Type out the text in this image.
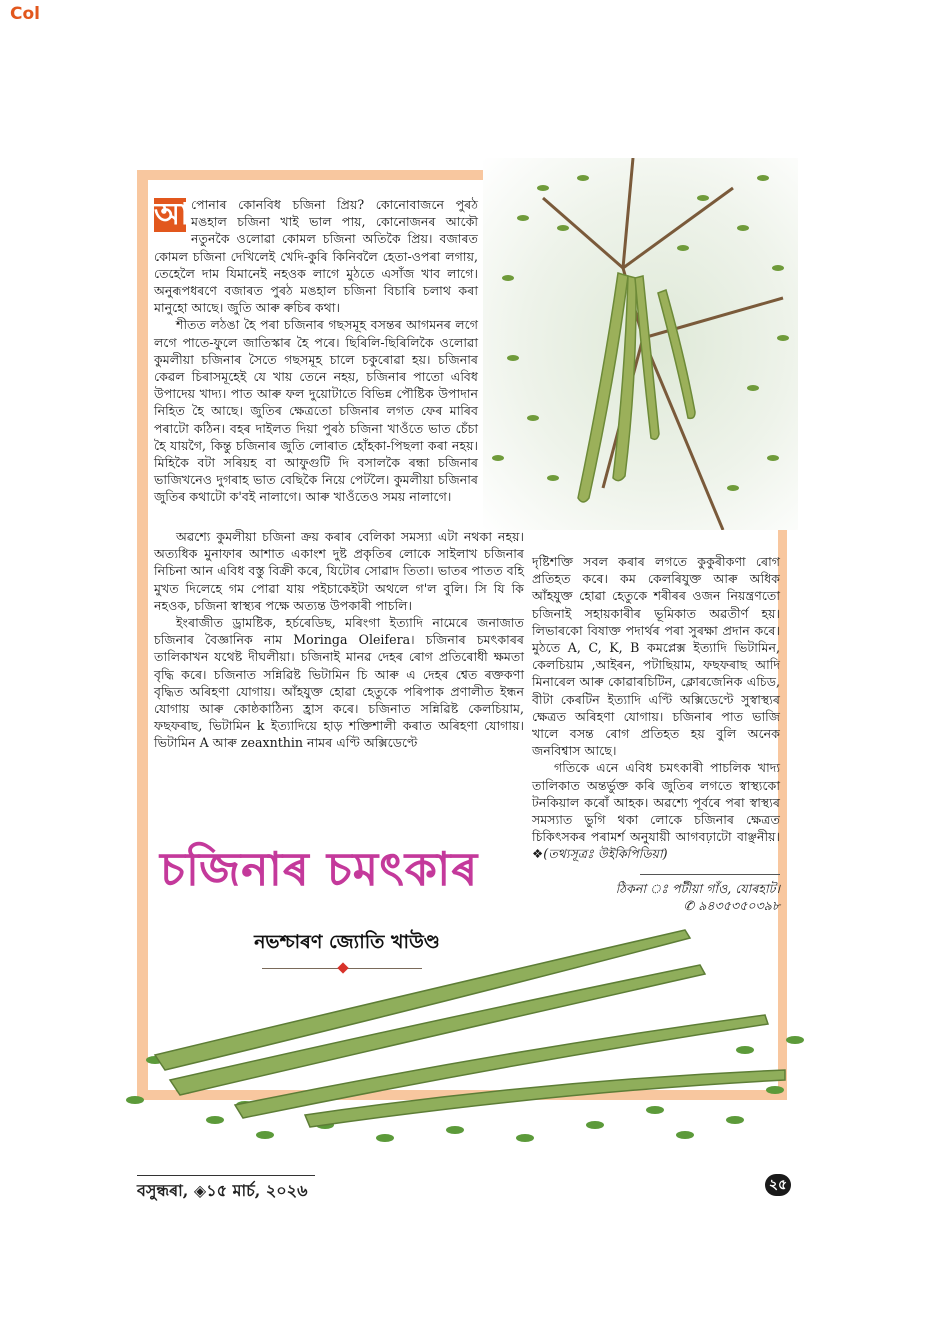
Col

আ পোনাৰ কোনবিধ চজিনা প্ৰিয়? কোনোবাজনে পুৰঠ মঙহাল চজিনা খাই ভাল পায়, কোনোজনৰ আকৌ নতুনকৈ ওলোৱা কোমল চজিনা অতিকৈ প্ৰিয়। বজাৰত কোমল চজিনা দেখিলেই খেদি-কুৰি কিনিবলৈ হেতা-ওপৰা লগায়, তেহেলৈ দাম যিমানেই নহওক লাগে মুঠতে এসাঁজ খাব লাগে। অনুৰূপধৰণে বজাৰত পুৰঠ মঙহাল চজিনা বিচাৰি চলাথ কৰা মানুহো আছে। জুতি আৰু ৰুচিৰ কথা।

শীতত লঠঙা হৈ পৰা চজিনাৰ গছসমূহ বসন্তৰ আগমনৰ লগে লগে পাতে-ফুলে জাতিস্কাৰ হৈ পৰে। ছিৰিলি-ছিৰিলিকৈ ওলোৱা কুমলীয়া চজিনাৰ সৈতে গছসমূহ চালে চকুৰোৱা হয়। চজিনাৰ কেৱল চিৰাসমূহেই যে খায় তেনে নহয়, চজিনাৰ পাতো এবিধ উপাদেয় খাদ্য। পাত আৰু ফল দুয়োটাতে বিভিন্ন পৌষ্টিক উপাদান নিহিত হৈ আছে। জুতিৰ ক্ষেত্ৰতো চজিনাৰ লগত ফেৰ মাৰিব পৰাটো কঠিন। বহৰ দাইলত দিয়া পুৰঠ চজিনা খাওঁতে ভাত চেঁচা হৈ যায়গৈ, কিন্তু চজিনাৰ জুতি লোৰাত হোঁহকা-পিছলা কৰা নহয়। মিহিকৈ বটা সৰিয়হ বা আফুগুটি দি বসালকৈ ৰন্ধা চজিনাৰ ভাজিখনেও দুগৰাহ ভাত বেছিকৈ নিয়ে পেটলৈ। কুমলীয়া চজিনাৰ জুতিৰ কথাটো ক'বই নালাগে। আৰু খাওঁতেও সময় নালাগে।

অৱশ্যে কুমলীয়া চজিনা ক্ৰয় কৰাৰ বেলিকা সমস্যা এটা নথকা নহয়। অত্যধিক মুনাফাৰ আশাত একাংশ দুষ্ট প্ৰকৃতিৰ লোকে সাইলাখ চজিনাৰ নিচিনা আন এবিধ বস্তু বিক্ৰী কৰে, যিটোৰ সোৱাদ তিতা। ভাতৰ পাতত বহি মুখত দিলেহে গম পোৱা যায় পইচাকেইটা অথলে গ'ল বুলি। সি যি কি নহওক, চজিনা স্বাস্থ্যৰ পক্ষে অত্যন্ত উপকাৰী পাচলি।

ইংৰাজীত ড্ৰামষ্টিক, হৰ্চৰেডিছ, মৰিংগা ইত্যাদি নামেৰে জনাজাত চজিনাৰ বৈজ্ঞানিক নাম Moringa Oleifera। চজিনাৰ চমৎকাৰৰ তালিকাখন যথেষ্ট দীঘলীয়া। চজিনাই মানৱ দেহৰ ৰোগ প্ৰতিৰোধী ক্ষমতা বৃদ্ধি কৰে। চজিনাত সন্নিৱিষ্ট ভিটামিন চি আৰু এ দেহৰ শ্বেত ৰক্তকণা বৃদ্ধিত অৰিহণা যোগায়। আঁহযুক্ত হোৱা হেতুকে পৰিপাক প্ৰণালীত ইন্ধন যোগায় আৰু কোষ্ঠকাঠিন্য হ্ৰাস কৰে। চজিনাত সন্নিৱিষ্ট কেলচিয়াম, ফছফৰাছ, ভিটামিন k ইত্যাদিয়ে হাড় শক্তিশালী কৰাত অৰিহণা যোগায়। ভিটামিন A আৰু zeaxnthin নামৰ এণ্টি অক্সিডেণ্টে

দৃষ্টিশক্তি সবল কৰাৰ লগতে কুকুৰীকণা ৰোগ প্ৰতিহত কৰে। কম কেলৰিযুক্ত আৰু অধিক আঁহযুক্ত হোৱা হেতুকে শৰীৰৰ ওজন নিয়ন্ত্ৰণতো চজিনাই সহায়কাৰীৰ ভূমিকাত অৱতীৰ্ণ হয়। লিভাৰকো বিষাক্ত পদাৰ্থৰ পৰা সুৰক্ষা প্ৰদান কৰে। মুঠতে A, C, K, B কমপ্লেক্স ইত্যাদি ভিটামিন, কেলচিয়াম ,আইৰন, পটাছিয়াম, ফছফৰাছ আদি মিনাৰেল আৰু কোৱাৰচিটিন, ক্লোৰজেনিক এচিড, বীটা কেৰটিন ইত্যাদি এণ্টি অক্সিডেণ্টে সুস্বাস্থ্যৰ ক্ষেত্ৰত অৰিহণা যোগায়। চজিনাৰ পাত ভাজি খালে বসন্ত ৰোগ প্ৰতিহত হয় বুলি অনেক জনবিশ্বাস আছে।

গতিকে এনে এবিধ চমৎকাৰী পাচলিক খাদ্য তালিকাত অন্তৰ্ভুক্ত কৰি জুতিৰ লগতে স্বাস্থ্যকো টনকিয়াল কৰোঁ আহক। অৱশ্যে পূৰ্বৰে পৰা স্বাস্থ্যৰ সমস্যাত ভুগি থকা লোকে চজিনাৰ ক্ষেত্ৰত চিকিৎসকৰ পৰামৰ্শ অনুযায়ী আগবঢ়াটো বাঞ্ছনীয়। ❖(তথ্যসূত্ৰঃ উইকিপিডিয়া)

ঠিকনা ঃ পটীয়া গাঁও, যোৰহাট।
✆ ৯৪৩৫৩৫০৩৯৮
চজিনাৰ চমৎকাৰ
নভশ্চাৰণ জ্যোতি খাউণ্ড
বসুন্ধৰা, ◈১৫ মাৰ্চ, ২০২৬	২৫
